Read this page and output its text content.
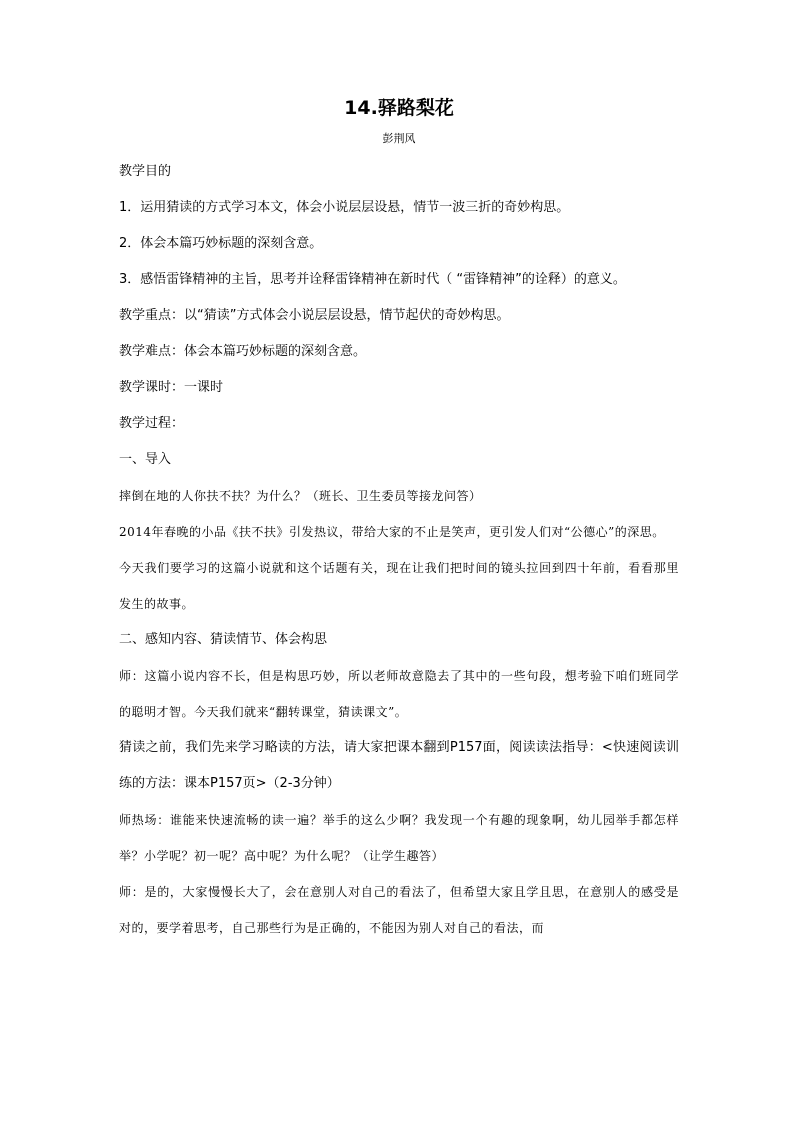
14.驿路梨花
彭荆风

教学目的

1．运用猜读的方式学习本文，体会小说层层设悬，情节一波三折的奇妙构思。

2．体会本篇巧妙标题的深刻含意。

3．感悟雷锋精神的主旨，思考并诠释雷锋精神在新时代（ “雷锋精神”的诠释）的意义。

教学重点：以“猜读”方式体会小说层层设悬，情节起伏的奇妙构思。

教学难点：体会本篇巧妙标题的深刻含意。

教学课时：一课时

教学过程：

一、导入

摔倒在地的人你扶不扶？为什么？（班长、卫生委员等接龙问答）

2014年春晚的小品《扶不扶》引发热议，带给大家的不止是笑声，更引发人们对“公德心”的深思。

今天我们要学习的这篇小说就和这个话题有关，现在让我们把时间的镜头拉回到四十年前，看看那里发生的故事。

二、感知内容、猜读情节、体会构思

师：这篇小说内容不长，但是构思巧妙，所以老师故意隐去了其中的一些句段，想考验下咱们班同学的聪明才智。今天我们就来“翻转课堂，猜读课文”。

猜读之前，我们先来学习略读的方法，请大家把课本翻到P157面，阅读读法指导：<快速阅读训练的方法：课本P157页>（2-3分钟）

师热场：谁能来快速流畅的读一遍？举手的这么少啊？我发现一个有趣的现象啊，幼儿园举手都怎样举？小学呢？初一呢？高中呢？为什么呢？（让学生趣答）

师：是的，大家慢慢长大了，会在意别人对自己的看法了，但希望大家且学且思，在意别人的感受是对的，要学着思考，自己那些行为是正确的，不能因为别人对自己的看法，而
